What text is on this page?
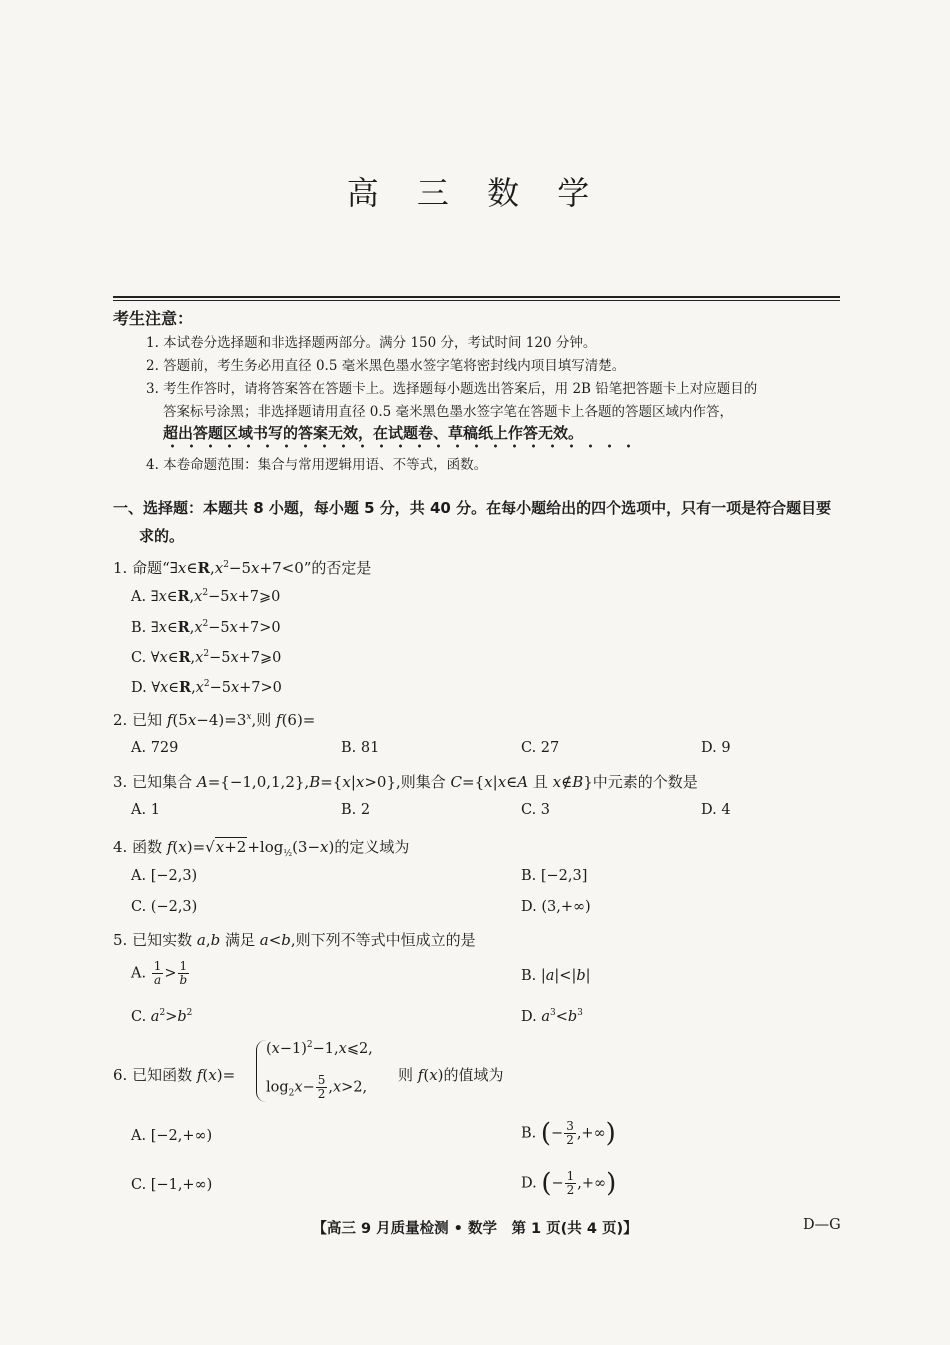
高 三 数 学
考生注意：
1. 本试卷分选择题和非选择题两部分。满分 150 分，考试时间 120 分钟。
2. 答题前，考生务必用直径 0.5 毫米黑色墨水签字笔将密封线内项目填写清楚。
3. 考生作答时，请将答案答在答题卡上。选择题每小题选出答案后，用 2B 铅笔把答题卡上对应题目的
答案标号涂黑；非选择题请用直径 0.5 毫米黑色墨水签字笔在答题卡上各题的答题区域内作答，
超出答题区域书写的答案无效，在试题卷、草稿纸上作答无效。
4. 本卷命题范围：集合与常用逻辑用语、不等式，函数。
一、选择题：本题共 8 小题，每小题 5 分，共 40 分。在每小题给出的四个选项中，只有一项是符合题目要
求的。
1. 命题“$\exists x\in R,x^2-5x+7<0$”的否定是
A. $\exists x\in R,x^2-5x+7⩾0$
B. $\exists x\in R,x^2-5x+7>0$
C. $\forall x\in R,x^2-5x+7⩾0$
D. $\forall x\in R,x^2-5x+7>0$
2. 已知 $f(5x-4)=3^x$,则 f(6)=
A. 729	B. 81	C. 27	D. 9
3. 已知集合 A={−1,0,1,2},B={x|x>0},则集合 C={x|x∈A 且 x∉B}中元素的个数是
A. 1	B. 2	C. 3	D. 4
4. 函数 $f(x)=√x+2+\log_{\frac{1}{2}}(3-x)$的定义域为
A. [−2,3)	B. [−2,3]
C. (−2,3)	D. (3,+∞)
5. 已知实数 a,b 满足 a<b,则下列不等式中恒成立的是
A. $\frac{1}{a} > \frac{1}{b}$	B. |a|<|b|
C. $a^2>b^2$	D. $a^3<b^3$
6. 已知函数 f(x)=
$(x-1)^2-1,x⩽2$,
$\log_2x- \frac{5}{2} ,x>2$,
则 f(x)的值域为
A. [−2,+∞)	B. (− $\frac{3}{2}$ ,+∞)
C. [−1,+∞)	D. (− $\frac{1}{2}$ ,+∞)
【高三 9 月质量检测 • 数学　第 1 页(共 4 页)】	D—G
